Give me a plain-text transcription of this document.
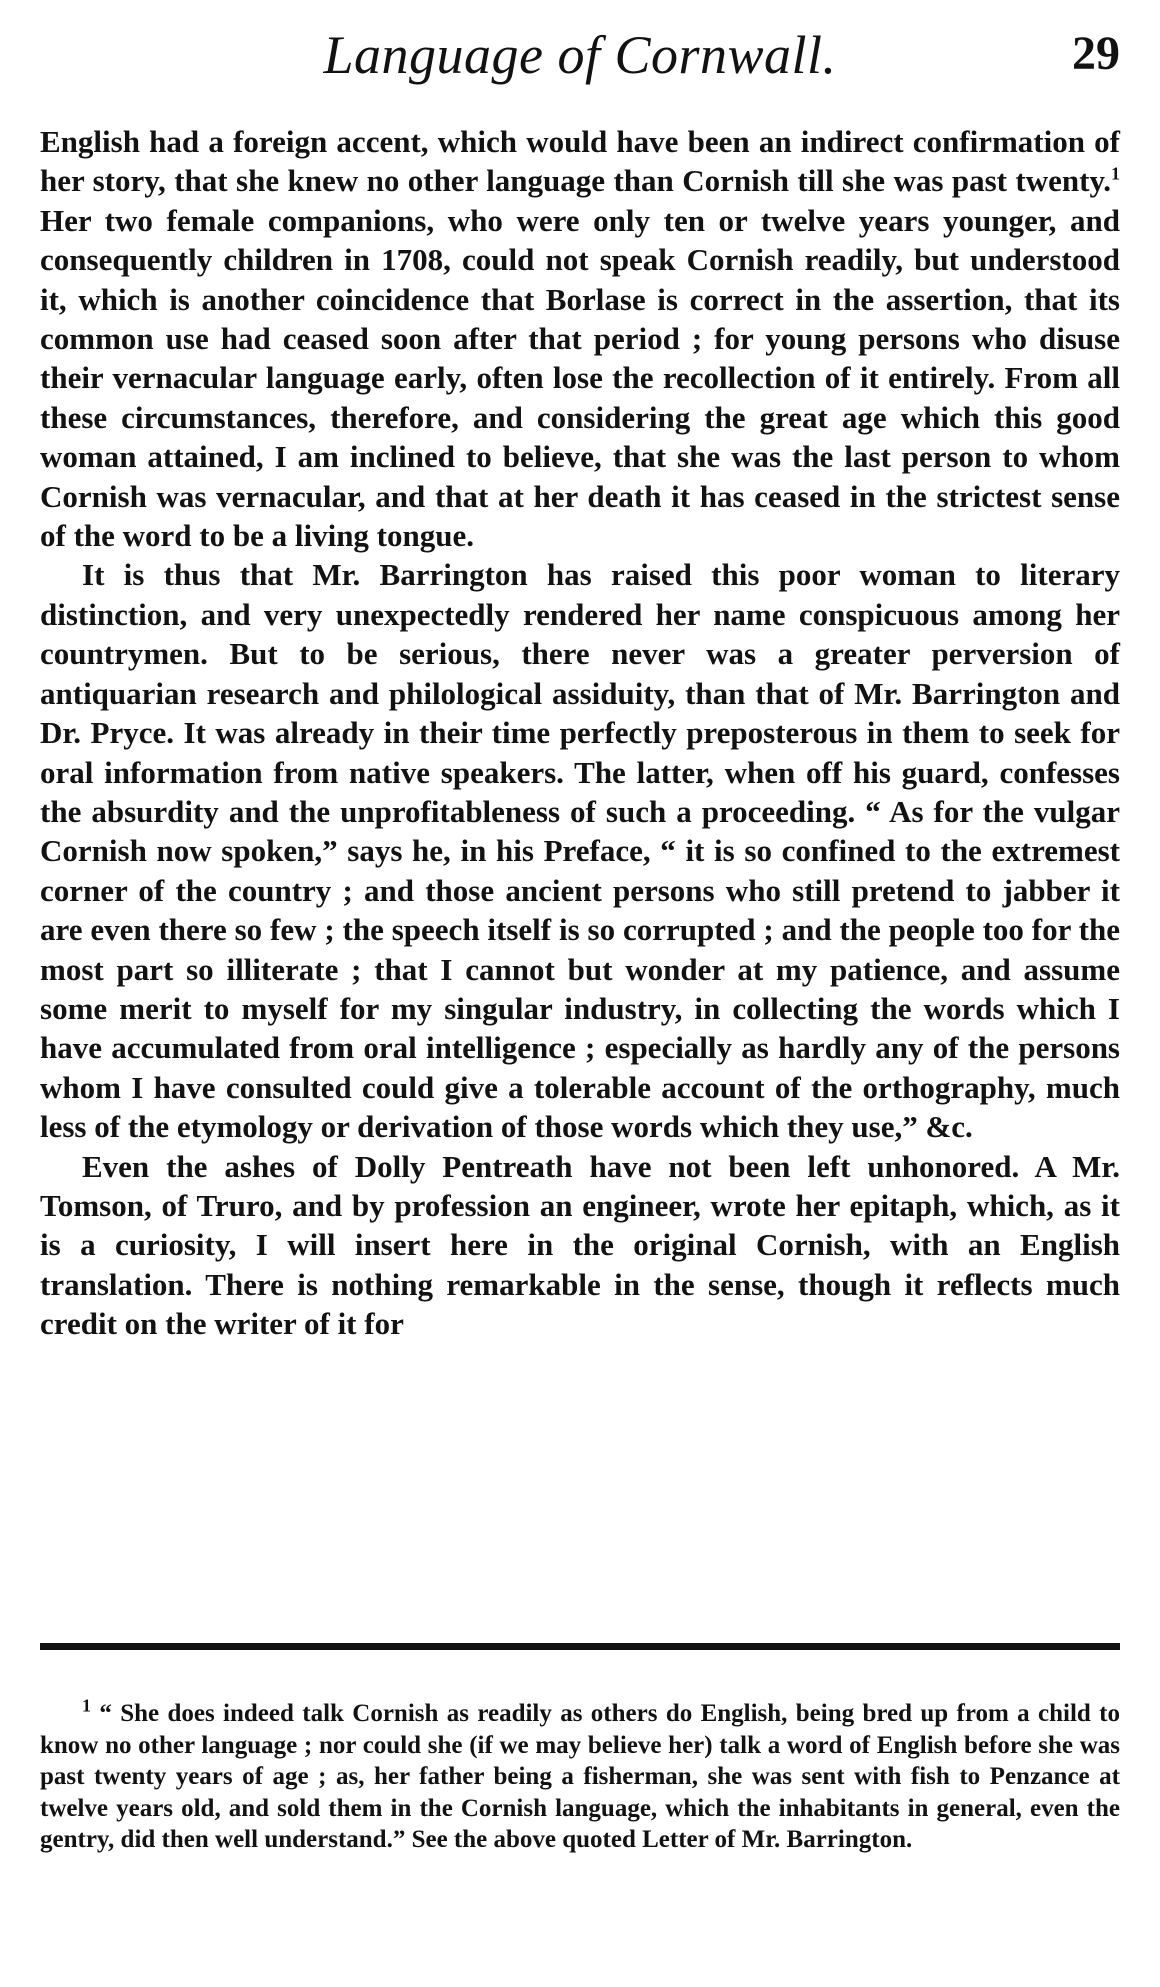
Language of Cornwall.	29

English had a foreign accent, which would have been an indirect confirmation of her story, that she knew no other language than Cornish till she was past twenty.$^1$ Her two female companions, who were only ten or twelve years younger, and consequently children in 1708, could not speak Cornish readily, but understood it, which is another coincidence that Borlase is correct in the assertion, that its common use had ceased soon after that period ; for young persons who disuse their vernacular language early, often lose the recollection of it entirely. From all these circumstances, therefore, and considering the great age which this good woman attained, I am inclined to believe, that she was the last person to whom Cornish was vernacular, and that at her death it has ceased in the strictest sense of the word to be a living tongue.

It is thus that Mr. Barrington has raised this poor woman to literary distinction, and very unexpectedly rendered her name conspicuous among her countrymen. But to be serious, there never was a greater perversion of antiquarian research and philological assiduity, than that of Mr. Barrington and Dr. Pryce. It was already in their time perfectly preposterous in them to seek for oral information from native speakers. The latter, when off his guard, confesses the absurdity and the unprofitableness of such a proceeding. “ As for the vulgar Cornish now spoken,” says he, in his Preface, “ it is so confined to the extremest corner of the country ; and those ancient persons who still pretend to jabber it are even there so few ; the speech itself is so corrupted ; and the people too for the most part so illiterate ; that I cannot but wonder at my patience, and assume some merit to myself for my singular industry, in collecting the words which I have accumulated from oral intelligence ; especially as hardly any of the persons whom I have consulted could give a tolerable account of the orthography, much less of the etymology or derivation of those words which they use,” &c.

Even the ashes of Dolly Pentreath have not been left unhonored. A Mr. Tomson, of Truro, and by profession an engineer, wrote her epitaph, which, as it is a curiosity, I will insert here in the original Cornish, with an English translation. There is nothing remarkable in the sense, though it reflects much credit on the writer of it for

$^1$ “ She does indeed talk Cornish as readily as others do English, being bred up from a child to know no other language ; nor could she (if we may believe her) talk a word of English before she was past twenty years of age ; as, her father being a fisherman, she was sent with fish to Penzance at twelve years old, and sold them in the Cornish language, which the inhabitants in general, even the gentry, did then well understand.” See the above quoted Letter of Mr. Barrington.
